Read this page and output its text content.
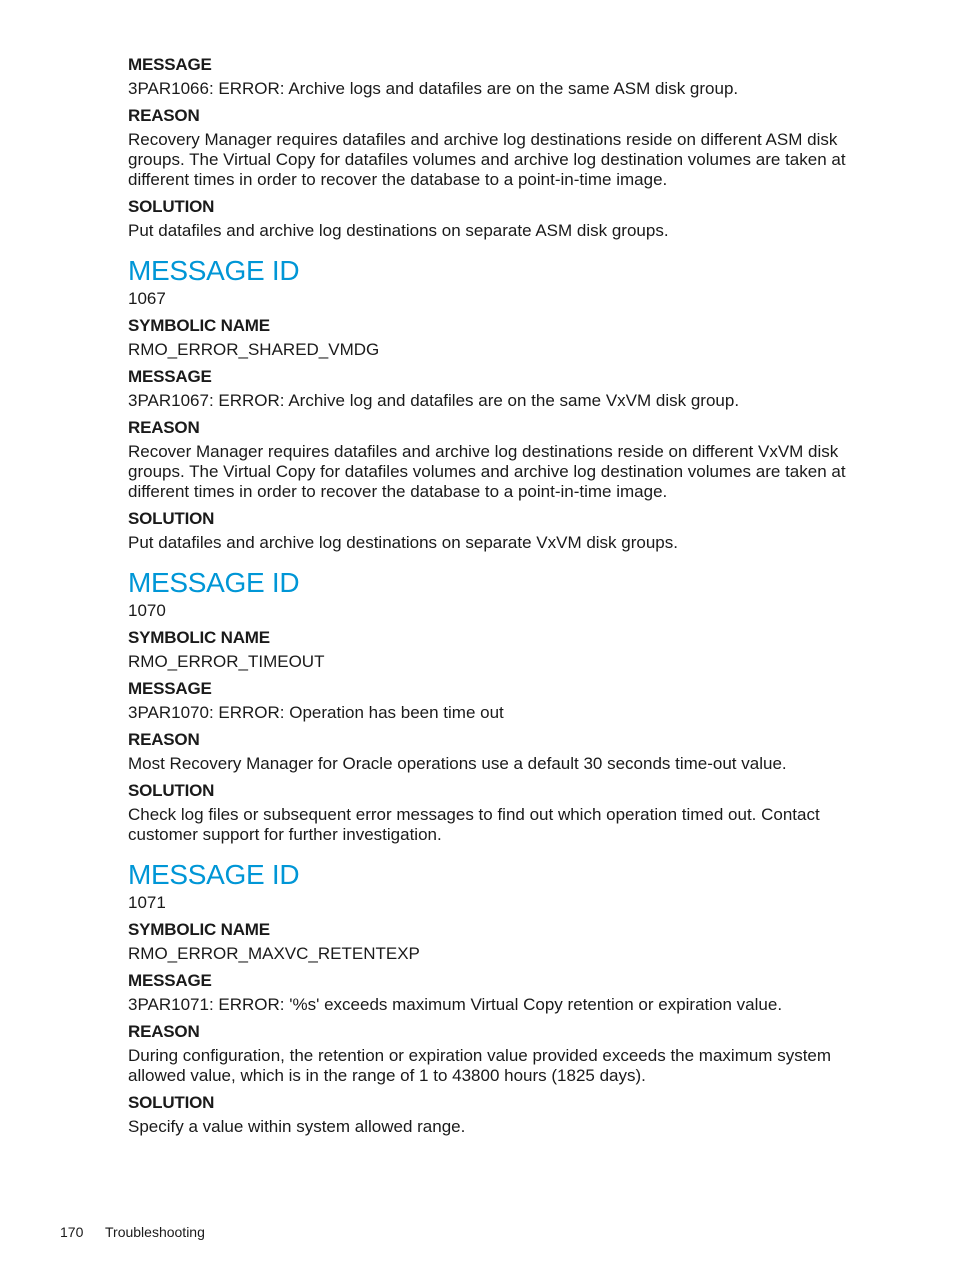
MESSAGE
3PAR1066: ERROR: Archive logs and datafiles are on the same ASM disk group.
REASON
Recovery Manager requires datafiles and archive log destinations reside on different ASM disk groups. The Virtual Copy for datafiles volumes and archive log destination volumes are taken at different times in order to recover the database to a point-in-time image.
SOLUTION
Put datafiles and archive log destinations on separate ASM disk groups.
MESSAGE ID
1067
SYMBOLIC NAME
RMO_ERROR_SHARED_VMDG
MESSAGE
3PAR1067: ERROR: Archive log and datafiles are on the same VxVM disk group.
REASON
Recover Manager requires datafiles and archive log destinations reside on different VxVM disk groups. The Virtual Copy for datafiles volumes and archive log destination volumes are taken at different times in order to recover the database to a point-in-time image.
SOLUTION
Put datafiles and archive log destinations on separate VxVM disk groups.
MESSAGE ID
1070
SYMBOLIC NAME
RMO_ERROR_TIMEOUT
MESSAGE
3PAR1070: ERROR: Operation has been time out
REASON
Most Recovery Manager for Oracle operations use a default 30 seconds time-out value.
SOLUTION
Check log files or subsequent error messages to find out which operation timed out. Contact customer support for further investigation.
MESSAGE ID
1071
SYMBOLIC NAME
RMO_ERROR_MAXVC_RETENTEXP
MESSAGE
3PAR1071: ERROR: '%s' exceeds maximum Virtual Copy retention or expiration value.
REASON
During configuration, the retention or expiration value provided exceeds the maximum system allowed value, which is in the range of 1 to 43800 hours (1825 days).
SOLUTION
Specify a value within system allowed range.
170 Troubleshooting
